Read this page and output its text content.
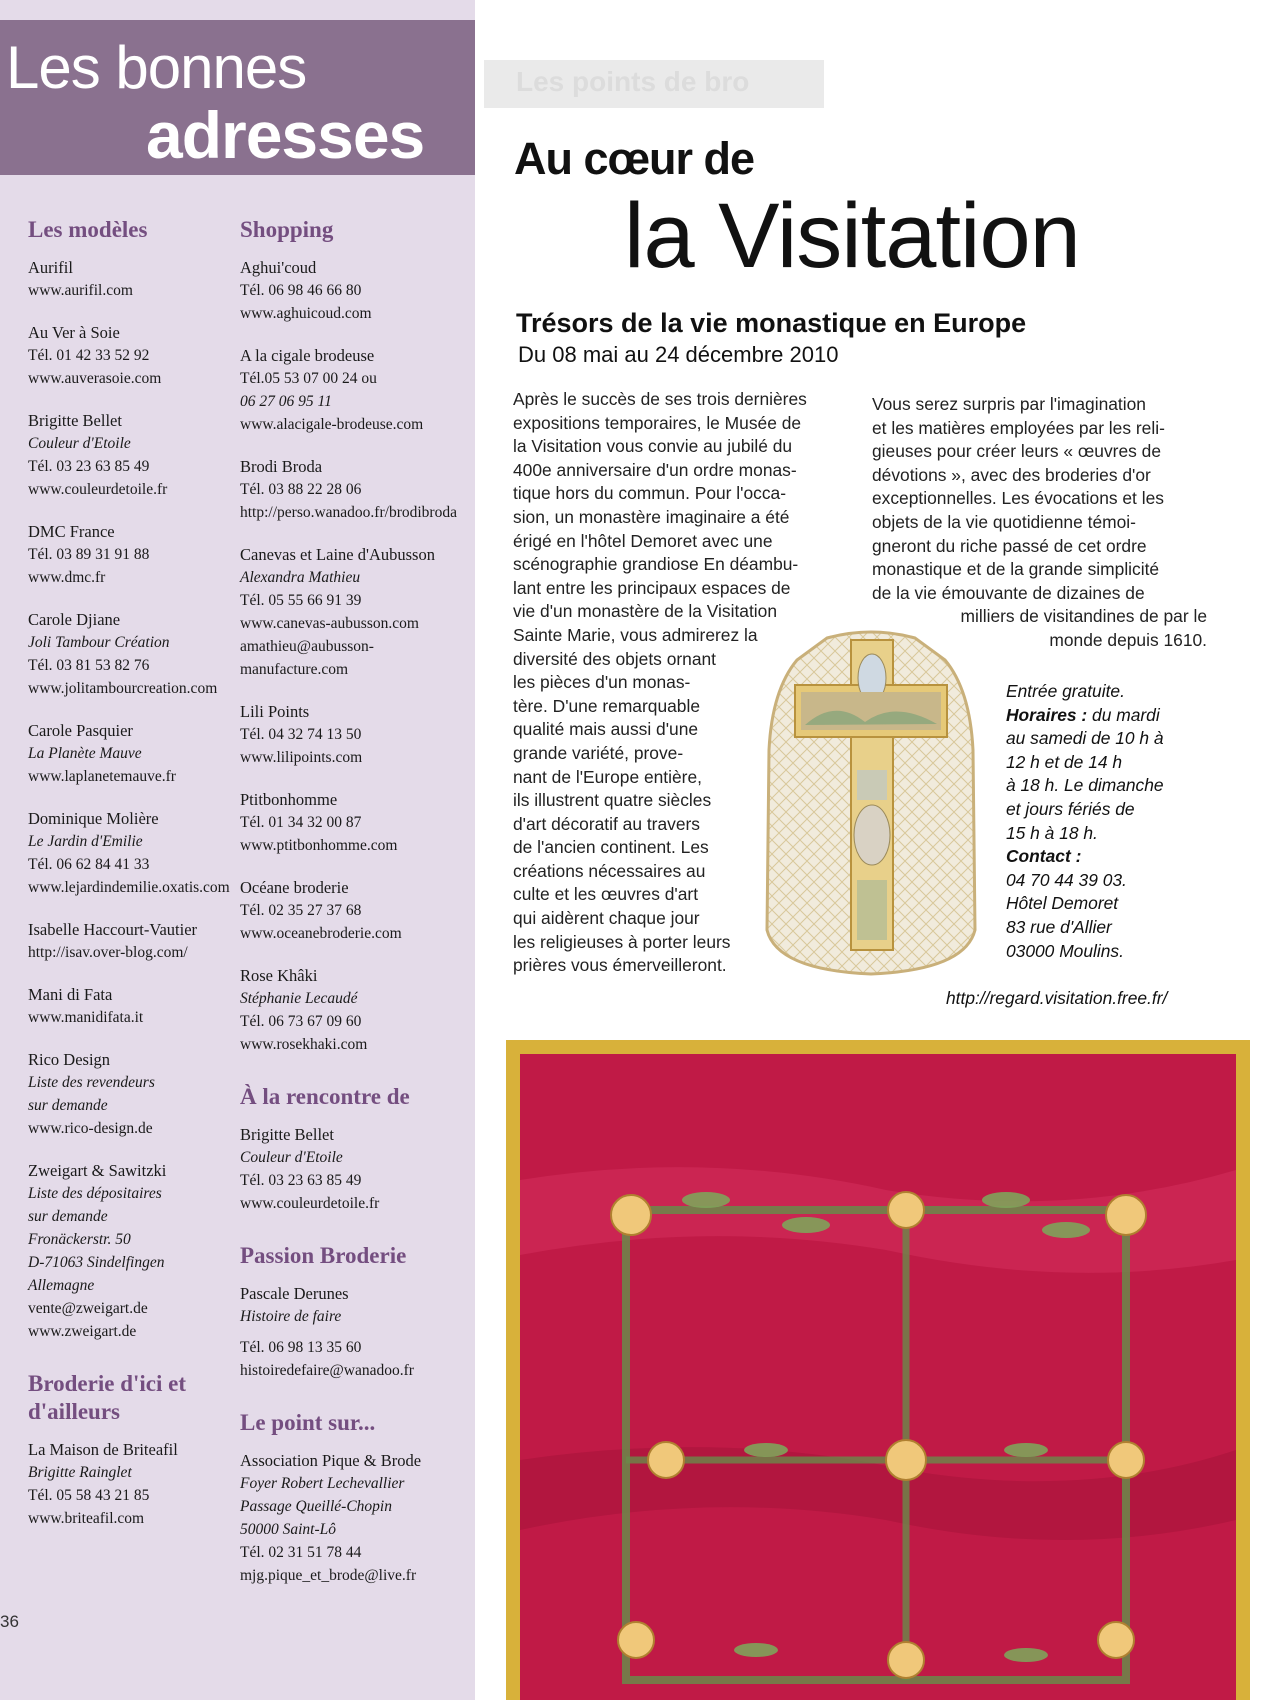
Les bonnes
adresses
Les modèles
Aurifil
www.aurifil.com
Au Ver à Soie
Tél. 01 42 33 52 92
www.auverasoie.com
Brigitte Bellet
Couleur d'Etoile
Tél. 03 23 63 85 49
www.couleurdetoile.fr
DMC France
Tél. 03 89 31 91 88
www.dmc.fr
Carole Djiane
Joli Tambour Création
Tél. 03 81 53 82 76
www.jolitambourcreation.com
Carole Pasquier
La Planète Mauve
www.laplanetemauve.fr
Dominique Molière
Le Jardin d'Emilie
Tél. 06 62 84 41 33
www.lejardindemilie.oxatis.com
Isabelle Haccourt-Vautier
http://isav.over-blog.com/
Mani di Fata
www.manidifata.it
Rico Design
Liste des revendeurs
sur demande
www.rico-design.de
Zweigart & Sawitzki
Liste des dépositaires
sur demande
Fronäckerstr. 50
D-71063 Sindelfingen
Allemagne
vente@zweigart.de
www.zweigart.de
Broderie d'ici et d'ailleurs
La Maison de Briteafil
Brigitte Rainglet
Tél. 05 58 43 21 85
www.briteafil.com
Shopping
Aghui'coud
Tél. 06 98 46 66 80
www.aghuicoud.com
A la cigale brodeuse
Tél.05 53 07 00 24 ou
06 27 06 95 11
www.alacigale-brodeuse.com
Brodi Broda
Tél. 03 88 22 28 06
http://perso.wanadoo.fr/brodibroda
Canevas et Laine d'Aubusson
Alexandra Mathieu
Tél. 05 55 66 91 39
www.canevas-aubusson.com
amathieu@aubusson-manufacture.com
Lili Points
Tél. 04 32 74 13 50
www.lilipoints.com
Ptitbonhomme
Tél. 01 34 32 00 87
www.ptitbonhomme.com
Océane broderie
Tél. 02 35 27 37 68
www.oceanebroderie.com
Rose Khâki
Stéphanie Lecaudé
Tél. 06 73 67 09 60
www.rosekhaki.com
À la rencontre de
Brigitte Bellet
Couleur d'Etoile
Tél. 03 23 63 85 49
www.couleurdetoile.fr
Passion Broderie
Pascale Derunes
Histoire de faire
Tél. 06 98 13 35 60
histoiredefaire@wanadoo.fr
Le point sur...
Association Pique & Brode
Foyer Robert Lechevallier
Passage Queillé-Chopin
50000 Saint-Lô
Tél. 02 31 51 78 44
mjg.pique_et_brode@live.fr
36
Les points de bro
Au cœur de
la Visitation
Trésors de la vie monastique en Europe
Du 08 mai au 24 décembre 2010
Après le succès de ses trois dernières
expositions temporaires, le Musée de
la Visitation vous convie au jubilé du
400e anniversaire d'un ordre monas-
tique hors du commun. Pour l'occa-
sion, un monastère imaginaire a été
érigé en l'hôtel Demoret avec une
scénographie grandiose En déambu-
lant entre les principaux espaces de
vie d'un monastère de la Visitation
Sainte Marie, vous admirerez la
diversité des objets ornant
les pièces d'un monas-
tère. D'une remarquable
qualité mais aussi d'une
grande variété, prove-
nant de l'Europe entière,
ils illustrent quatre siècles
d'art décoratif au travers
de l'ancien continent. Les
créations nécessaires au
culte et les œuvres d'art
qui aidèrent chaque jour
les religieuses à porter leurs
prières vous émerveilleront.
Vous serez surpris par l'imagination
et les matières employées par les reli-
gieuses pour créer leurs « œuvres de
dévotions », avec des broderies d'or
exceptionnelles. Les évocations et les
objets de la vie quotidienne témoi-
gneront du riche passé de cet ordre
monastique et de la grande simplicité
de la vie émouvante de dizaines de
milliers de visitandines de par le
monde depuis 1610.
Entrée gratuite.
Horaires : du mardi
au samedi de 10 h à
12 h et de 14 h
à 18 h. Le dimanche
et jours fériés de
15 h à 18 h.
Contact :
04 70 44 39 03.
Hôtel Demoret
83 rue d'Allier
03000 Moulins.
http://regard.visitation.free.fr/
